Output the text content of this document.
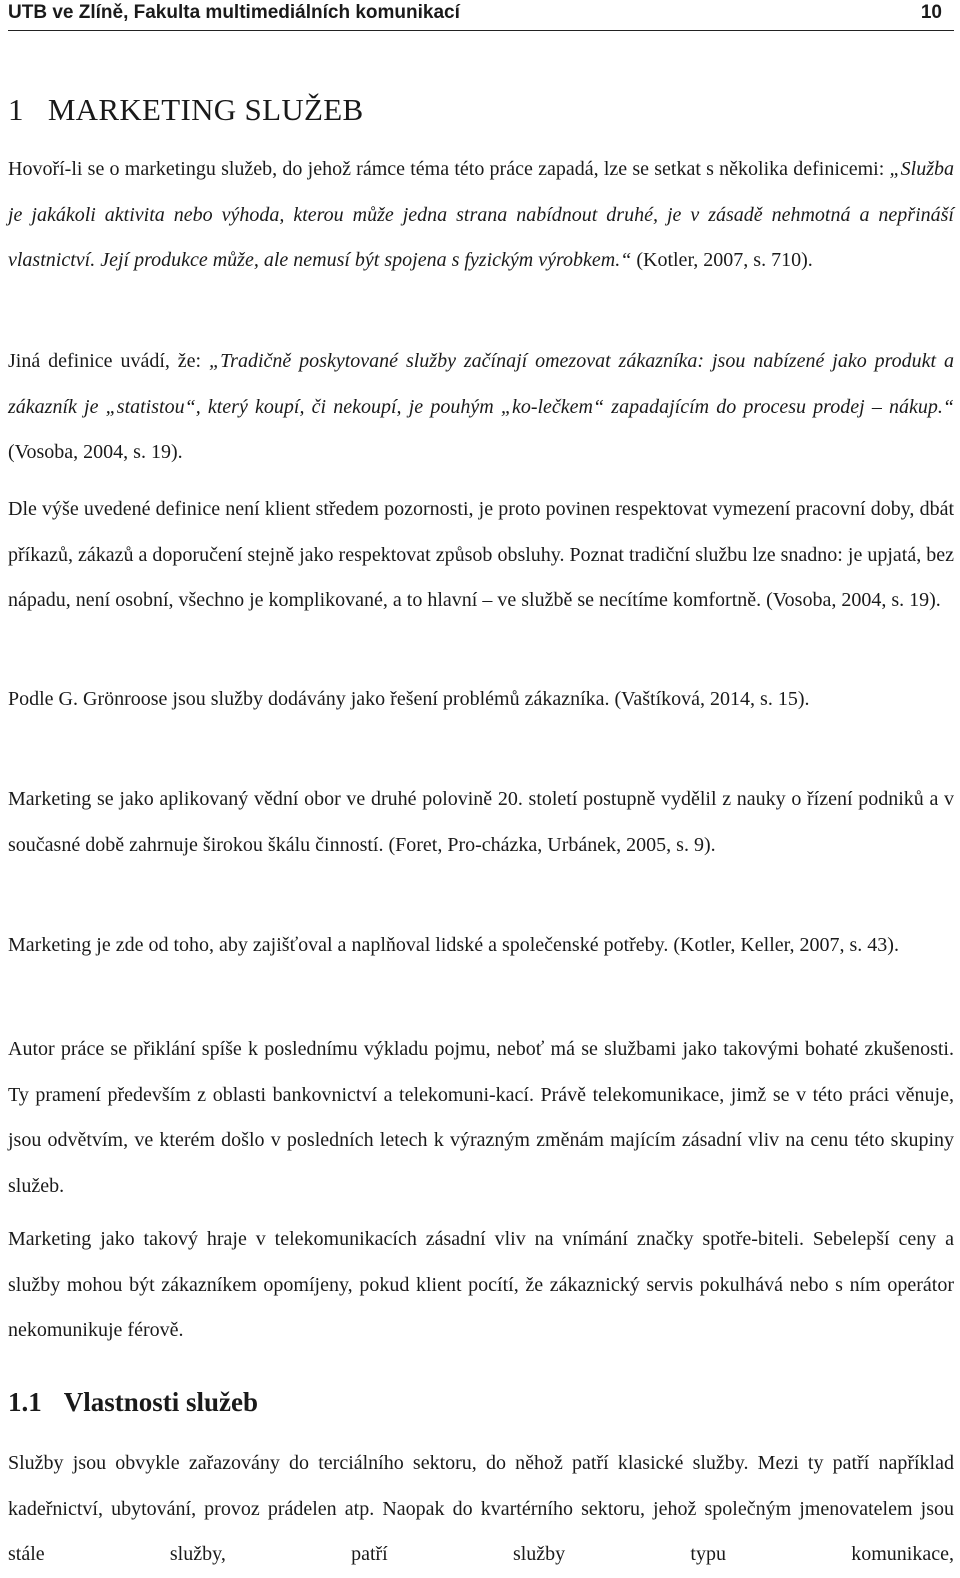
UTB ve Zlíně, Fakulta multimediálních komunikací	10
1 MARKETING SLUŽEB

Hovoří-li se o marketingu služeb, do jehož rámce téma této práce zapadá, lze se setkat s několika definicemi: „Služba je jakákoli aktivita nebo výhoda, kterou může jedna strana nabídnout druhé, je v zásadě nehmotná a nepřináší vlastnictví. Její produkce může, ale nemusí být spojena s fyzickým výrobkem.“ (Kotler, 2007, s. 710).

Jiná definice uvádí, že: „Tradičně poskytované služby začínají omezovat zákazníka: jsou nabízené jako produkt a zákazník je „statistou“, který koupí, či nekoupí, je pouhým „ko-lečkem“ zapadajícím do procesu prodej – nákup.“ (Vosoba, 2004, s. 19).

Dle výše uvedené definice není klient středem pozornosti, je proto povinen respektovat vymezení pracovní doby, dbát příkazů, zákazů a doporučení stejně jako respektovat způsob obsluhy. Poznat tradiční službu lze snadno: je upjatá, bez nápadu, není osobní, všechno je komplikované, a to hlavní – ve službě se necítíme komfortně. (Vosoba, 2004, s. 19).

Podle G. Grönroose jsou služby dodávány jako řešení problémů zákazníka. (Vaštíková, 2014, s. 15).

Marketing se jako aplikovaný vědní obor ve druhé polovině 20. století postupně vydělil z nauky o řízení podniků a v současné době zahrnuje širokou škálu činností. (Foret, Pro-cházka, Urbánek, 2005, s. 9).

Marketing je zde od toho, aby zajišťoval a naplňoval lidské a společenské potřeby. (Kotler, Keller, 2007, s. 43).

Autor práce se přiklání spíše k poslednímu výkladu pojmu, neboť má se službami jako takovými bohaté zkušenosti. Ty pramení především z oblasti bankovnictví a telekomuni-kací. Právě telekomunikace, jimž se v této práci věnuje, jsou odvětvím, ve kterém došlo v posledních letech k výrazným změnám majícím zásadní vliv na cenu této skupiny služeb.

Marketing jako takový hraje v telekomunikacích zásadní vliv na vnímání značky spotře-biteli. Sebelepší ceny a služby mohou být zákazníkem opomíjeny, pokud klient pocítí, že zákaznický servis pokulhává nebo s ním operátor nekomunikuje férově.

1.1 Vlastnosti služeb

Služby jsou obvykle zařazovány do terciálního sektoru, do něhož patří klasické služby. Mezi ty patří například kadeřnictví, ubytování, provoz prádelen atp. Naopak do kvartérního sektoru, jehož společným jmenovatelem jsou stále služby, patří služby typu komunikace,
